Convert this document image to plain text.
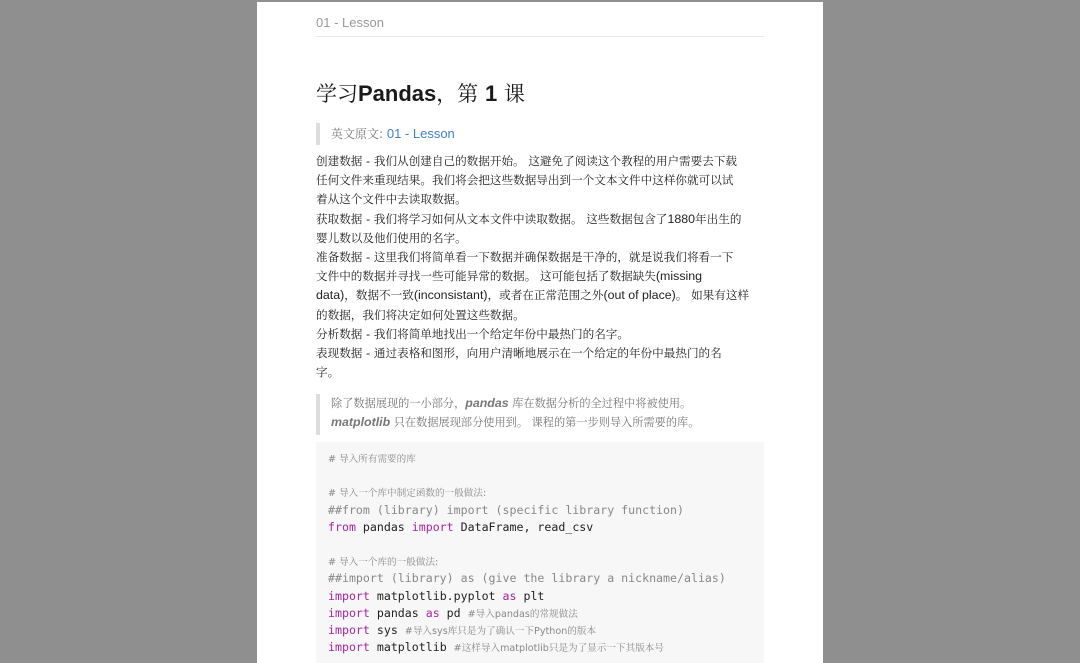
01 - Lesson
学习Pandas，第 1 课
英文原文: 01 - Lesson

创建数据 - 我们从创建自己的数据开始。 这避免了阅读这个教程的用户需要去下载
任何文件来重现结果。我们将会把这些数据导出到一个文本文件中这样你就可以试
着从这个文件中去读取数据。

获取数据 - 我们将学习如何从文本文件中读取数据。 这些数据包含了1880年出生的
婴儿数以及他们使用的名字。

准备数据 - 这里我们将简单看一下数据并确保数据是干净的，就是说我们将看一下
文件中的数据并寻找一些可能异常的数据。 这可能包括了数据缺失(missing
data)，数据不一致(inconsistant)，或者在正常范围之外(out of place)。 如果有这样
的数据，我们将决定如何处置这些数据。

分析数据 - 我们将简单地找出一个给定年份中最热门的名字。

表现数据 - 通过表格和图形，向用户清晰地展示在一个给定的年份中最热门的名
字。

除了数据展现的一小部分，pandas 库在数据分析的全过程中将被使用。

matplotlib 只在数据展现部分使用到。 课程的第一步则导入所需要的库。

# 导入所有需要的库
# 导入一个库中制定函数的一般做法:
##from (library) import (specific library function)
from pandas import DataFrame, read_csv
# 导入一个库的一般做法:
##import (library) as (give the library a nickname/alias)
import matplotlib.pyplot as plt
import pandas as pd #导入pandas的常规做法
import sys #导入sys库只是为了确认一下Python的版本
import matplotlib #这样导入matplotlib只是为了显示一下其版本号
